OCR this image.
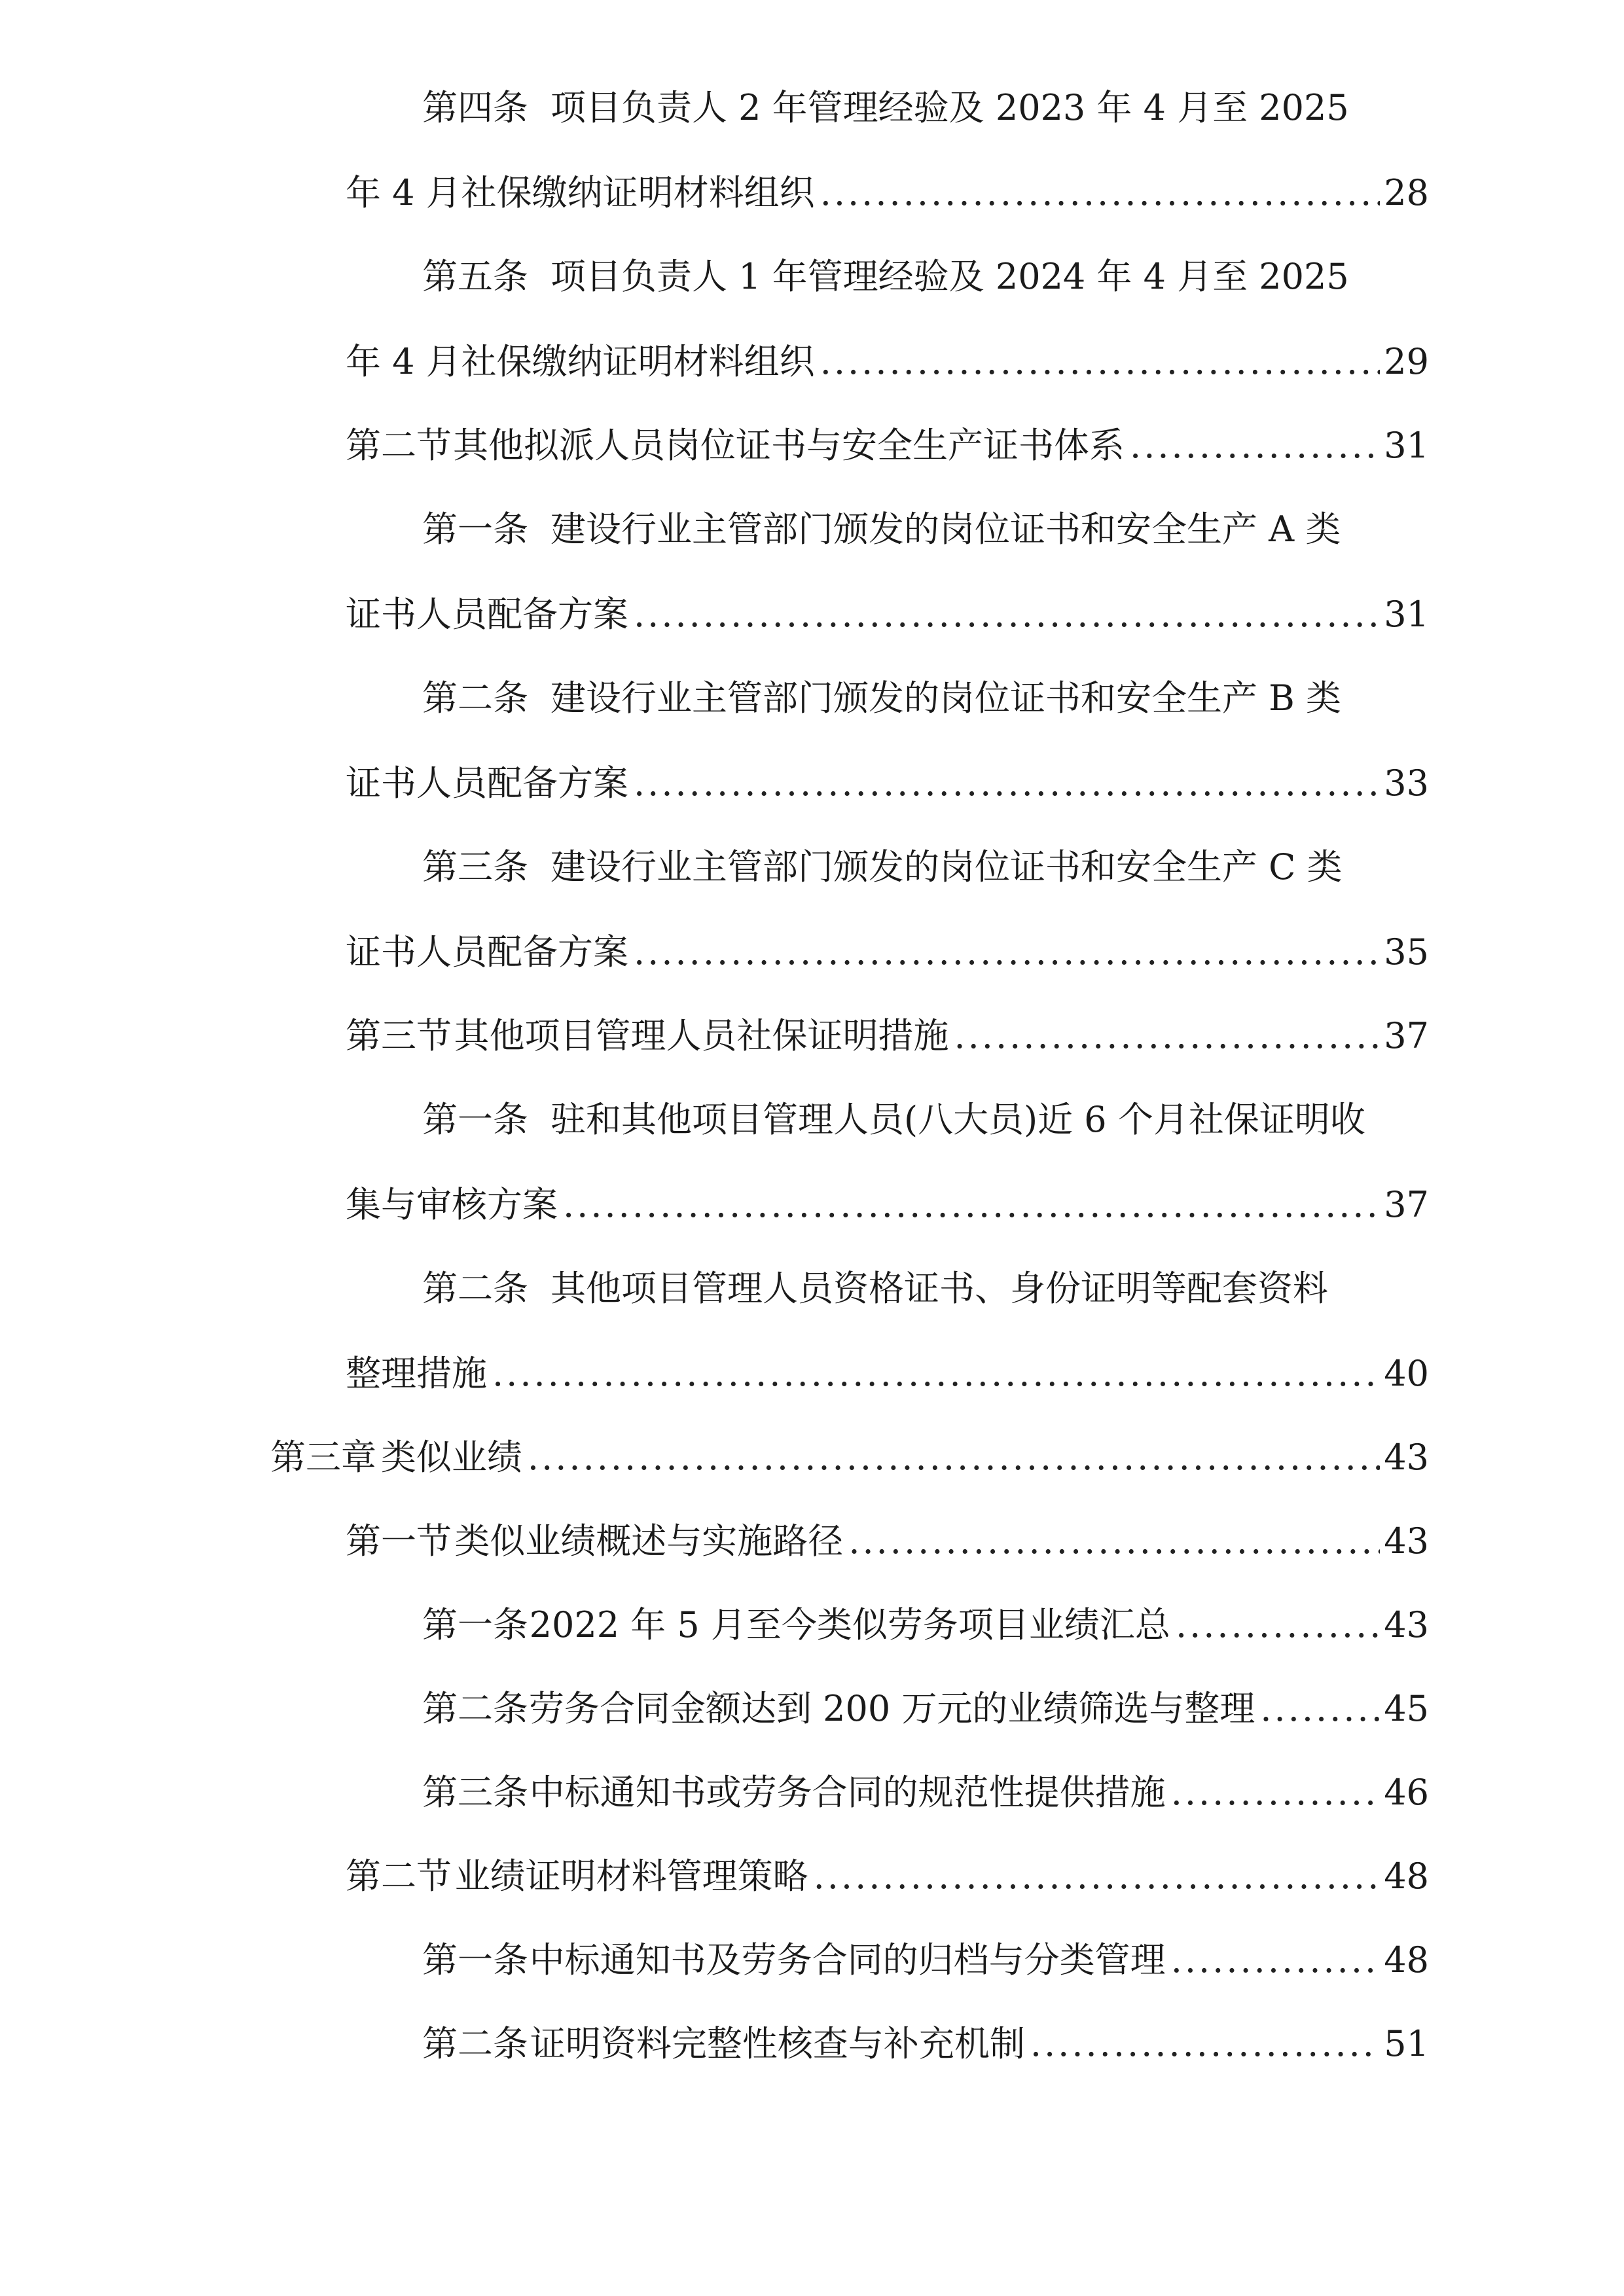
第四条 项目负责人 2 年管理经验及 2023 年 4 月至 2025
年 4 月社保缴纳证明材料组织 .....	28
第五条 项目负责人 1 年管理经验及 2024 年 4 月至 2025
年 4 月社保缴纳证明材料组织 .....	29
第二节 其他拟派人员岗位证书与安全生产证书体系 .....	31
第一条 建设行业主管部门颁发的岗位证书和安全生产 A 类
证书人员配备方案 .....	31
第二条 建设行业主管部门颁发的岗位证书和安全生产 B 类
证书人员配备方案 .....	33
第三条 建设行业主管部门颁发的岗位证书和安全生产 C 类
证书人员配备方案 .....	35
第三节 其他项目管理人员社保证明措施 .....	37
第一条 驻和其他项目管理人员(八大员)近 6 个月社保证明收
集与审核方案 .....	37
第二条 其他项目管理人员资格证书、身份证明等配套资料
整理措施 .....	40
第三章 类似业绩 .....	43
第一节 类似业绩概述与实施路径 .....	43
第一条 2022 年 5 月至今类似劳务项目业绩汇总 .....	43
第二条 劳务合同金额达到 200 万元的业绩筛选与整理 .....	45
第三条 中标通知书或劳务合同的规范性提供措施 .....	46
第二节 业绩证明材料管理策略 .....	48
第一条 中标通知书及劳务合同的归档与分类管理 .....	48
第二条 证明资料完整性核查与补充机制 .....	51
